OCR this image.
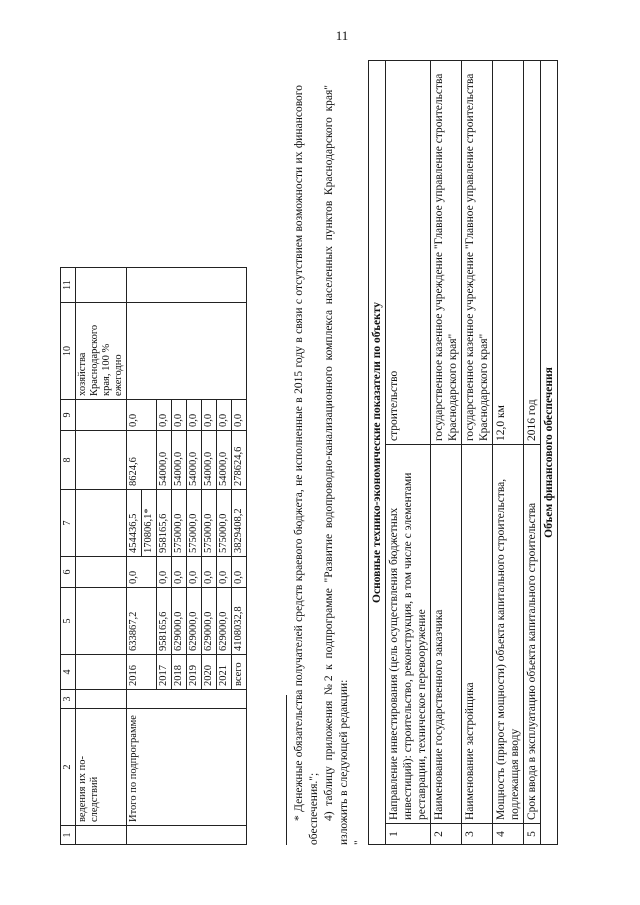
11
1	2	3	4	5	6	7	8	9	10	11
	ведения их по-следствий								хозяйства Краснодарского края, 100 % ежегодно	
	Итого по подпрограмме		2016	633867,2	0,0	454436,5	8624,6	0,0		
						170806,1*				
			2017	958165,6	0,0	958165,6	54000,0	0,0		
			2018	629000,0	0,0	575000,0	54000,0	0,0		
			2019	629000,0	0,0	575000,0	54000,0	0,0		
			2020	629000,0	0,0	575000,0	54000,0	0,0		
			2021	629000,0	0,0	575000,0	54000,0	0,0		
			всего	4108032,8	0,0	3829408,2	278624,6	0,0			* Денежные обязательства получателей средств краевого бюджета, не исполненные в 2015 году в связи с отсутствием возможности их финансового обеспечения."; 4) таблицу приложения №2 к подпрограмме "Развитие водопроводно-канализационного комплекса населенных пунктов Краснодарского края" изложить в следующей редакции: "
Основные технико-экономические показатели по объекту		
1	Направление инвестирования (цель осуществления бюджетных инвестиций): строительство, реконструкция, в том числе с элементами реставрации, техническое перевооружение	строительство
2	Наименование государственного заказчика	государственное казенное учреждение "Главное управление строительства Краснодарского края"
3	Наименование застройщика	государственное казенное учреждение "Главное управление строительства Краснодарского края"
4	Мощность (прирост мощности) объекта капитального строительства, подлежащая вводу	12,0 км
5	Срок ввода в эксплуатацию объекта капитального строительства	2016 год
Объем финансового обеспечения		
